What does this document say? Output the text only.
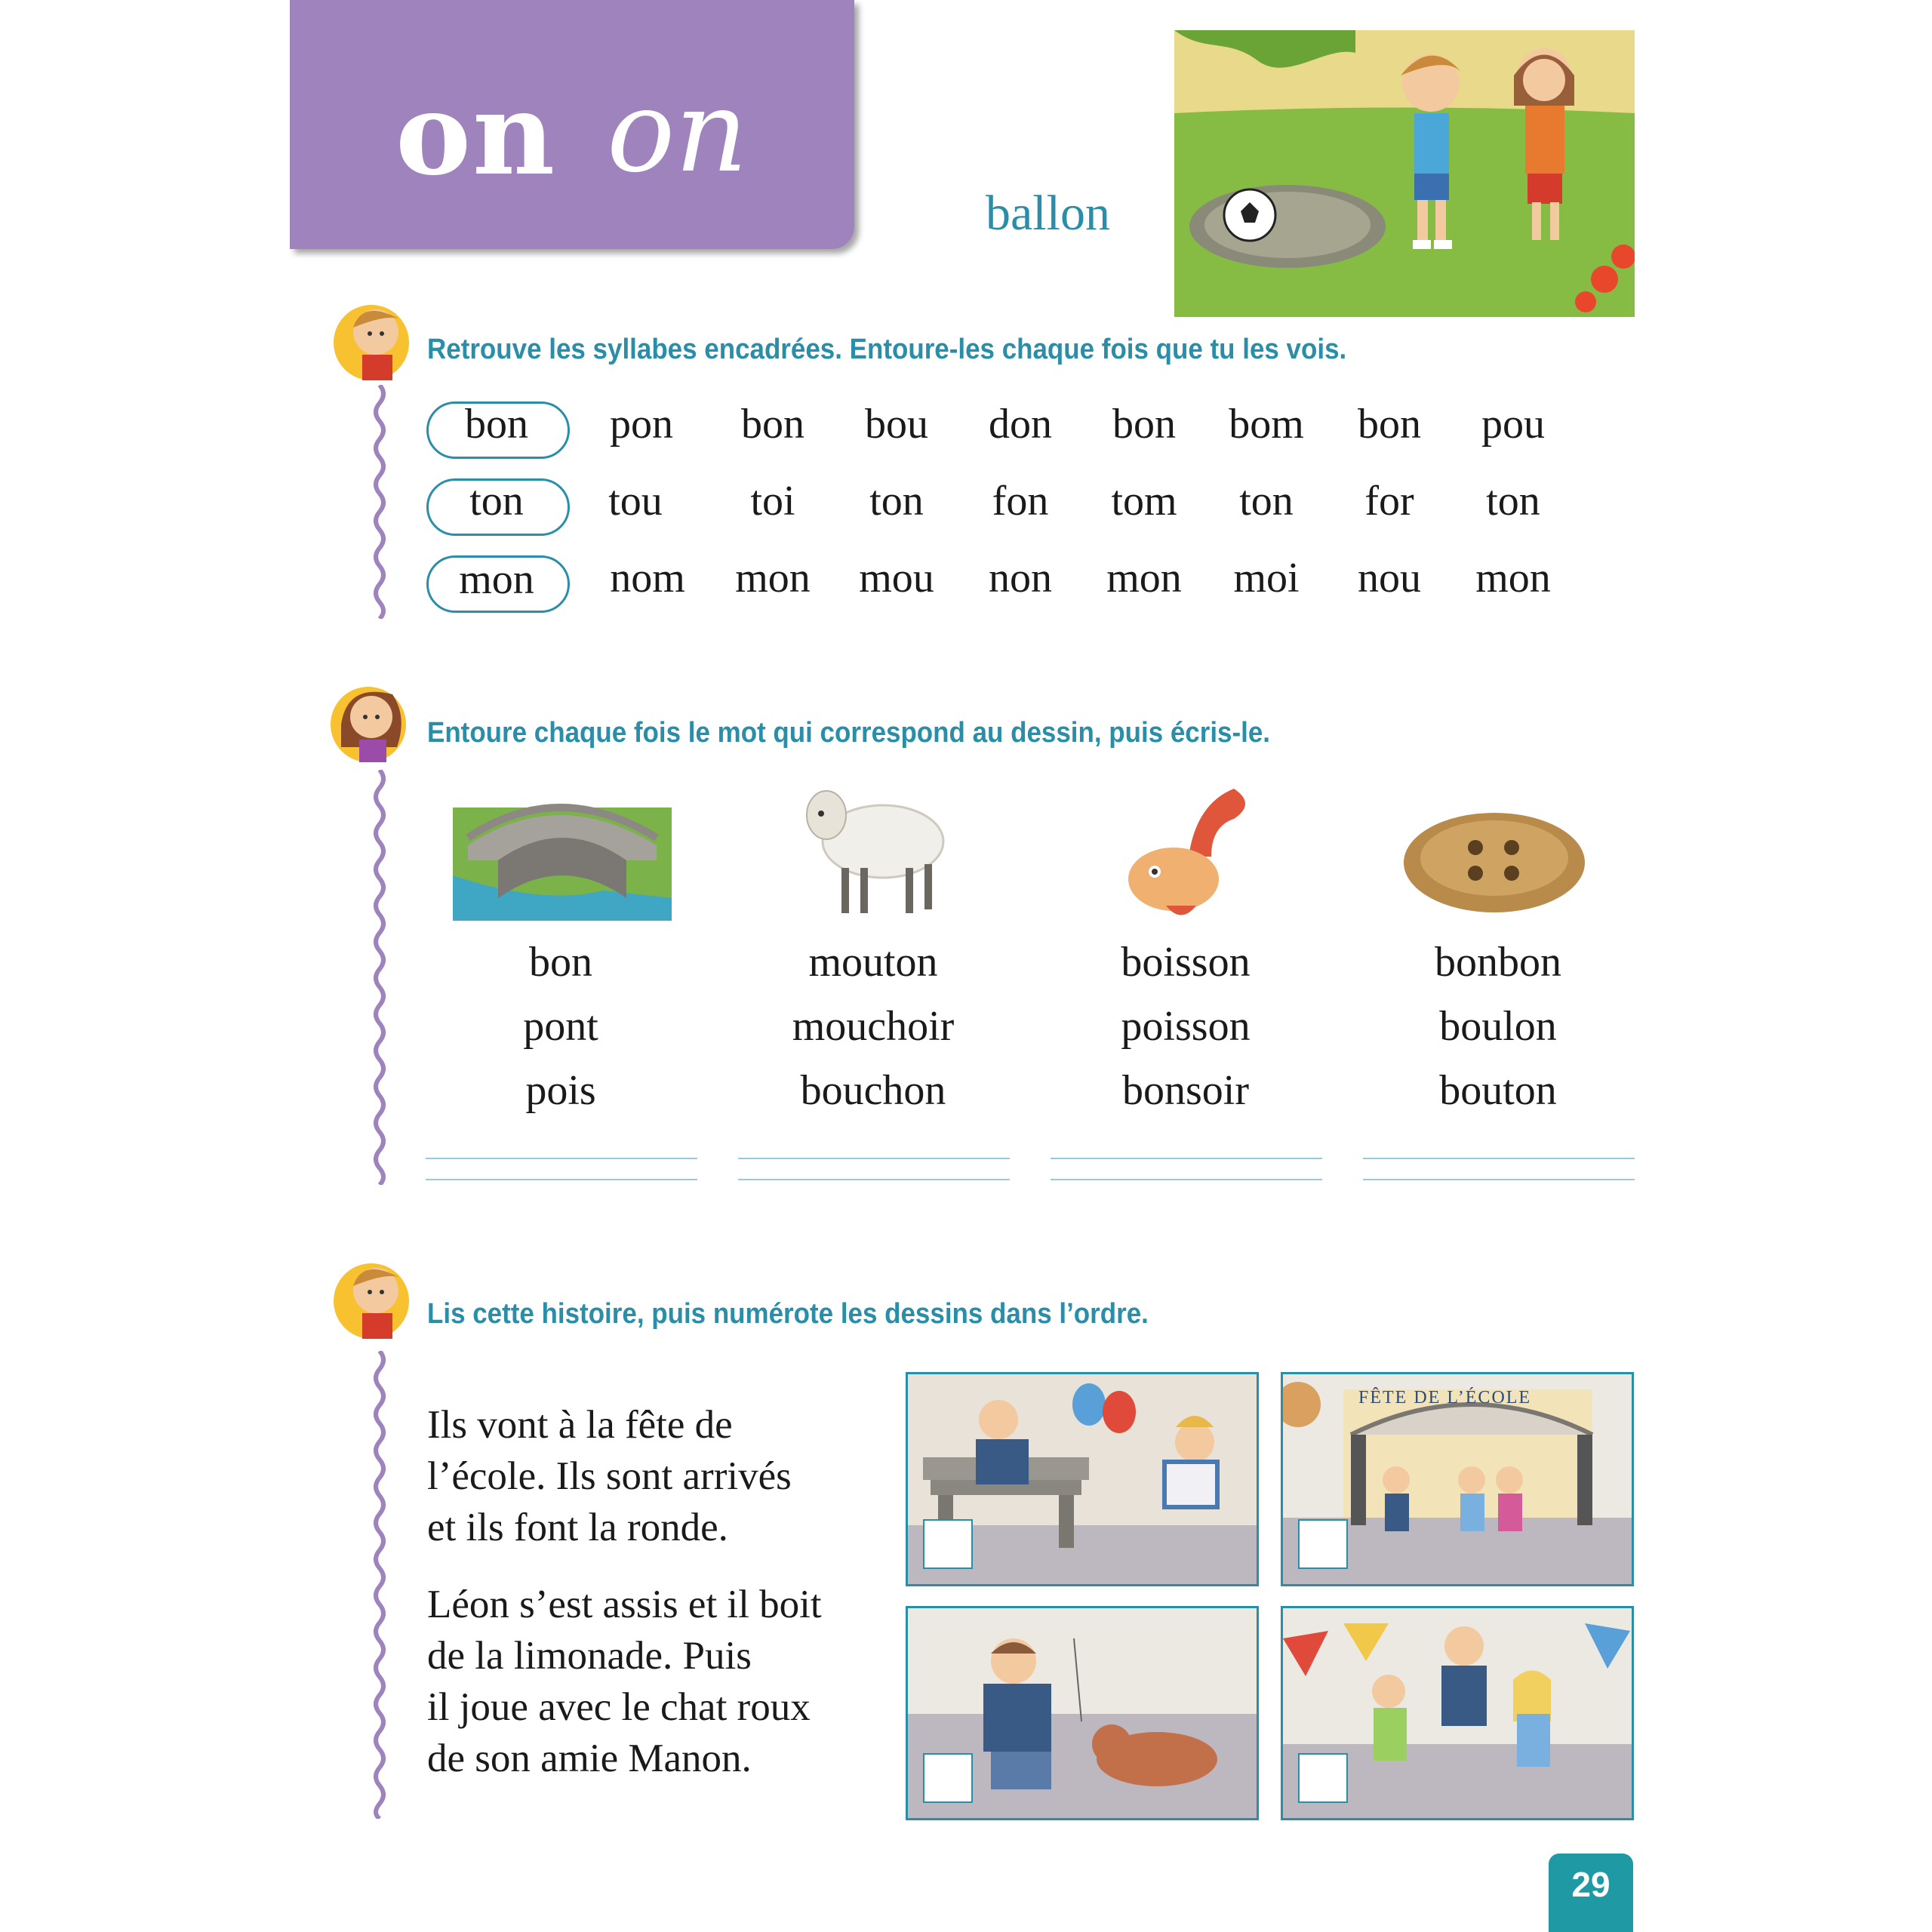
on on
ballon
Retrouve les syllabes encadrées. Entoure-les chaque fois que tu les vois.
bon	pon	bon	bou	don	bon	bom	bon	pou
ton	tou	toi	ton	fon	tom	ton	for	ton
mon	nom	mon	mou	non	mon	moi	nou	mon
Entoure chaque fois le mot qui correspond au dessin, puis écris-le.
bon
pont
pois
mouton
mouchoir
bouchon
boisson
poisson
bonsoir
bonbon
boulon
bouton
Lis cette histoire, puis numérote les dessins dans l’ordre.
Ils vont à la fête de
l’école. Ils sont arrivés
et ils font la ronde.
Léon s’est assis et il boit
de la limonade. Puis
il joue avec le chat roux
de son amie Manon.
FÊTE DE L’ÉCOLE
29
